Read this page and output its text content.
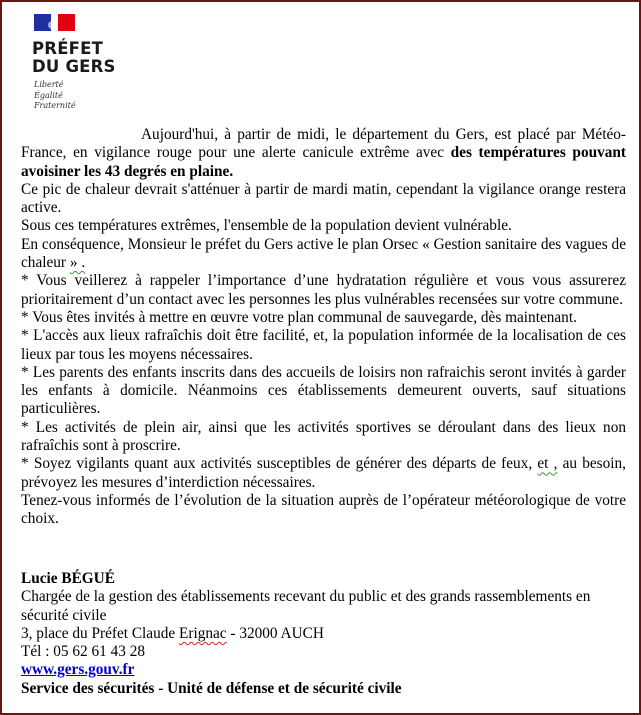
PRÉFET
DU GERS
Liberté
Égalité
Fraternité

Aujourd'hui, à partir de midi, le département du Gers, est placé par Météo-France, en vigilance rouge pour une alerte canicule extrême avec des températures pouvant avoisiner les 43 degrés en plaine.

Ce pic de chaleur devrait s'atténuer à partir de mardi matin, cependant la vigilance orange restera active.

Sous ces températures extrêmes, l'ensemble de la population devient vulnérable.

En conséquence, Monsieur le préfet du Gers active le plan Orsec « Gestion sanitaire des vagues de chaleur » .

* Vous veillerez à rappeler l’importance d’une hydratation régulière et vous vous assurerez prioritairement d’un contact avec les personnes les plus vulnérables recensées sur votre commune.

* Vous êtes invités à mettre en œuvre votre plan communal de sauvegarde, dès maintenant.

* L'accès aux lieux rafraîchis doit être facilité, et, la population informée de la localisation de ces lieux par tous les moyens nécessaires.

* Les parents des enfants inscrits dans des accueils de loisirs non rafraichis seront invités à garder les enfants à domicile. Néanmoins ces établissements demeurent ouverts, sauf situations particulières.

* Les activités de plein air, ainsi que les activités sportives se déroulant dans des lieux non rafraîchis sont à proscrire.

* Soyez vigilants quant aux activités susceptibles de générer des départs de feux, et , au besoin, prévoyez les mesures d’interdiction nécessaires.

Tenez-vous informés de l’évolution de la situation auprès de l’opérateur météorologique de votre choix.

Lucie BÉGUÉ

Chargée de la gestion des établissements recevant du public et des grands rassemblements en sécurité civile

3, place du Préfet Claude Erignac - 32000 AUCH

Tél : 05 62 61 43 28

www.gers.gouv.fr

Service des sécurités - Unité de défense et de sécurité civile
